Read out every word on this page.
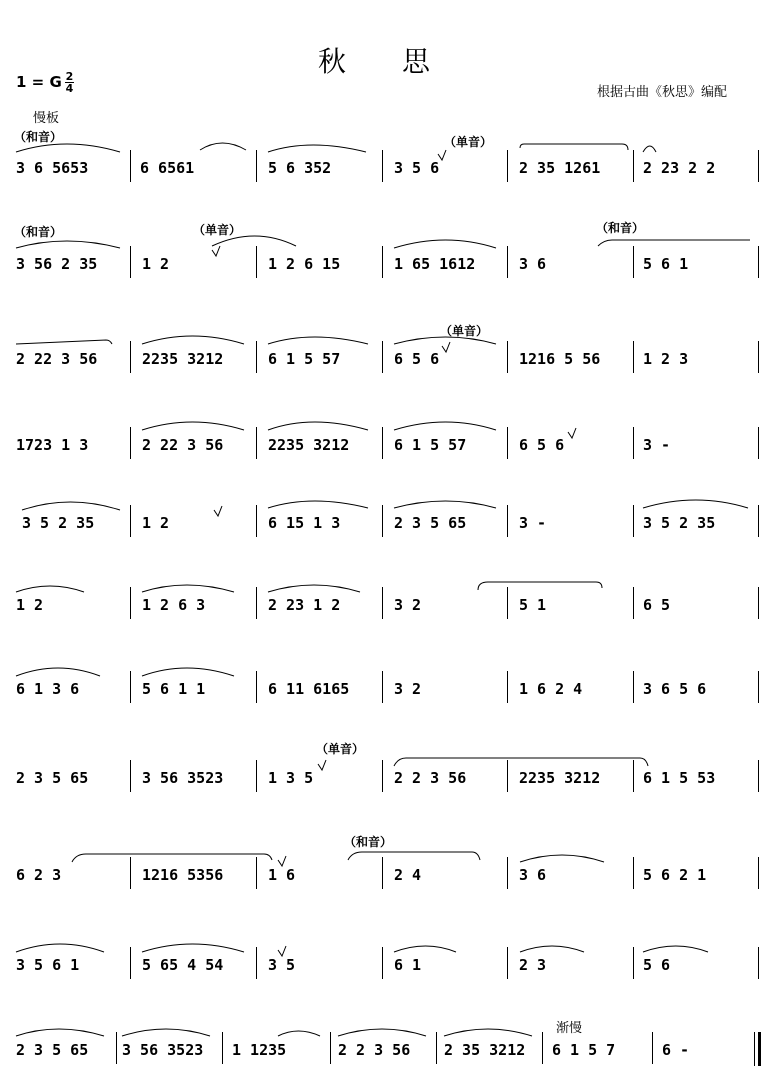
秋　　思
1 = G 2
4	根据古曲《秋思》编配
慢板
（和音）	（单音）
（和音）	（单音）	（和音）
（单音）
（单音）
（和音）
渐慢
3 6 5653	6 6561	5 6 352	3 5 6	2 35 1261	2 23 2 2
3 56 2 35	1 2	1 2 6 15	1 65 1612	3 6	5 6 1
2 22 3 56	2235 3212	6 1 5 57	6 5 6	1216 5 56	1 2 3
1723 1 3	2 22 3 56	2235 3212	6 1 5 57	6 5 6	3 -
3 5 2 35	1 2	6 15 1 3	2 3 5 65	3 -	3 5 2 35
1 2	1 2 6 3	2 23 1 2	3 2	5 1	6 5
6 1 3 6	5 6 1 1	6 11 6165	3 2	1 6 2 4	3 6 5 6
2 3 5 65	3 56 3523	1 3 5	2 2 3 56	2235 3212	6 1 5 53
6 2 3	1216 5356	1 6	2 4	3 6	5 6 2 1
3 5 6 1	5 65 4 54	3 5	6 1	2 3	5 6
2 3 5 65 3 56 3523 1 1235	2 2 3 56 2 35 3212 6 1 5 7	6 -
